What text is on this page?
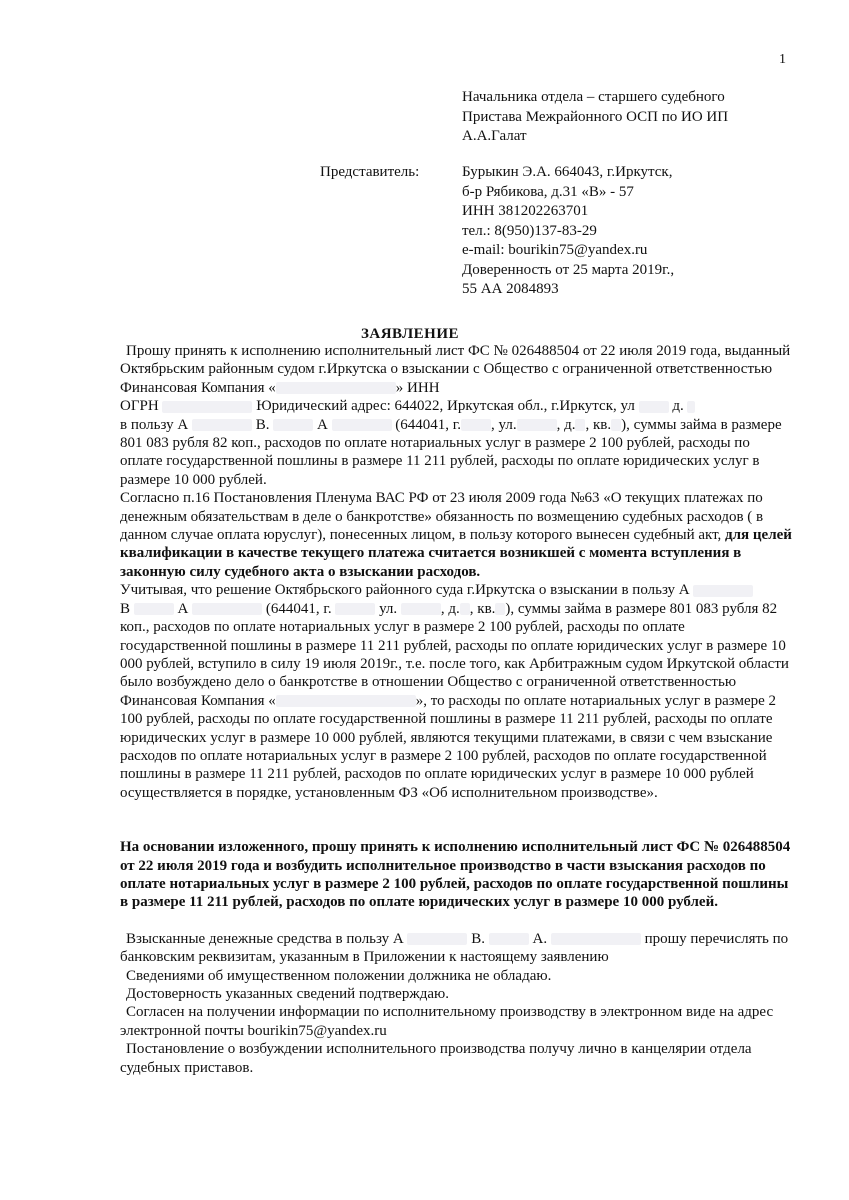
1
Начальника отдела – старшего судебного
Пристава Межрайонного ОСП по ИО ИП
А.А.Галат
Представитель:	Бурыкин Э.А. 664043, г.Иркутск,
б-р Рябикова, д.31 «В» - 57
ИНН 381202263701
тел.: 8(950)137-83-29
e-mail: bourikin75@yandex.ru
Доверенность от 25 марта 2019г.,
55 АА 2084893
ЗАЯВЛЕНИЕ

Прошу принять к исполнению исполнительный лист ФС № 026488504 от 22 июля 2019 года, выданный Октябрьским районным судом г.Иркутска о взыскании с Общество с ограниченной ответственностью Финансовая Компания «	» ИНН
ОГРН	Юридический адрес: 644022, Иркутская обл., г.Иркутск, ул	д.
в пользу А	В.	А	(644041, г. , ул.	, д. , кв. ), суммы займа в размере 801 083 рубля 82 коп., расходов по оплате нотариальных услуг в размере 2 100 рублей, расходы по оплате государственной пошлины в размере 11 211 рублей, расходы по оплате юридических услуг в размере 10 000 рублей.

Согласно п.16 Постановления Пленума ВАС РФ от 23 июля 2009 года №63 «О текущих платежах по денежным обязательствам в деле о банкротстве» обязанность по возмещению судебных расходов ( в данном случае оплата юруслуг), понесенных лицом, в пользу которого вынесен судебный акт, для целей квалификации в качестве текущего платежа считается возникшей с момента вступления в законную силу судебного акта о взыскании расходов.

Учитывая, что решение Октябрьского районного суда г.Иркутска о взыскании в пользу А
В	А	(644041, г.	ул.	, д. , кв. ), суммы займа в размере 801 083 рубля 82 коп., расходов по оплате нотариальных услуг в размере 2 100 рублей, расходы по оплате государственной пошлины в размере 11 211 рублей, расходы по оплате юридических услуг в размере 10 000 рублей, вступило в силу 19 июля 2019г., т.е. после того, как Арбитражным судом Иркутской области было возбуждено дело о банкротстве в отношении Общество с ограниченной ответственностью Финансовая Компания «	», то расходы по оплате нотариальных услуг в размере 2 100 рублей, расходы по оплате государственной пошлины в размере 11 211 рублей, расходы по оплате юридических услуг в размере 10 000 рублей, являются текущими платежами, в связи с чем взыскание расходов по оплате нотариальных услуг в размере 2 100 рублей, расходов по оплате государственной пошлины в размере 11 211 рублей, расходов по оплате юридических услуг в размере 10 000 рублей осуществляется в порядке, установленным ФЗ «Об исполнительном производстве».

На основании изложенного, прошу принять к исполнению исполнительный лист ФС № 026488504 от 22 июля 2019 года и возбудить исполнительное производство в части взыскания расходов по оплате нотариальных услуг в размере 2 100 рублей, расходов по оплате государственной пошлины в размере 11 211 рублей, расходов по оплате юридических услуг в размере 10 000 рублей.

Взысканные денежные средства в пользу А	В.	А.	прошу перечислять по банковским реквизитам, указанным в Приложении к настоящему заявлению

Сведениями об имущественном положении должника не обладаю.

Достоверность указанных сведений подтверждаю.

Согласен на получении информации по исполнительному производству в электронном виде на адрес электронной почты bourikin75@yandex.ru

Постановление о возбуждении исполнительного производства получу лично в канцелярии отдела судебных приставов.
